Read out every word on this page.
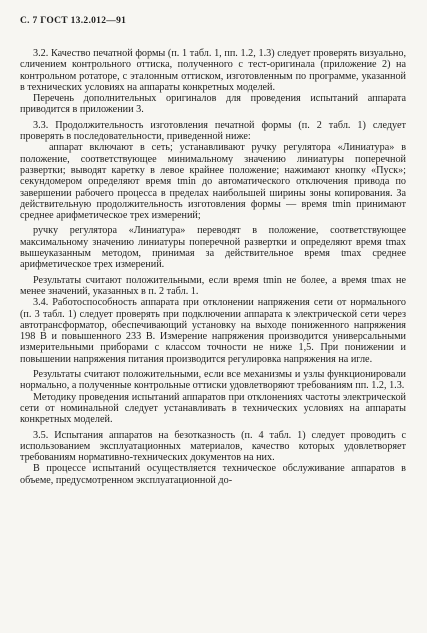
С. 7 ГОСТ 13.2.012—91

3.2. Качество печатной формы (п. 1 табл. 1, пп. 1.2, 1.3) следует проверять визуально, сличением контрольного оттиска, полученного с тест-оригинала (приложение 2) на контрольном ротаторе, с эталонным оттиском, изготовленным по программе, указанной в технических условиях на аппараты конкретных моделей.

Перечень дополнительных оригиналов для проведения испытаний аппарата приводится в приложении 3.

3.3. Продолжительность изготовления печатной формы (п. 2 табл. 1) следует проверять в последовательности, приведенной ниже:

аппарат включают в сеть; устанавливают ручку регулятора «Линиатура» в положение, соответствующее минимальному значению линиатуры поперечной развертки; выводят каретку в левое крайнее положение; нажимают кнопку «Пуск»; секундомером определяют время tmin до автоматического отключения привода по завершении рабочего процесса в пределах наибольшей ширины зоны копирования. За действительную продолжительность изготовления формы — время tmin принимают среднее арифметическое трех измерений;

ручку регулятора «Линиатура» переводят в положение, соответствующее максимальному значению линиатуры поперечной развертки и определяют время tmax вышеуказанным методом, принимая за действительное время tmax среднее арифметическое трех измерений.

Результаты считают положительными, если время tmin не более, а время tmax не менее значений, указанных в п. 2 табл. 1.

3.4. Работоспособность аппарата при отклонении напряжения сети от нормального (п. 3 табл. 1) следует проверять при подключении аппарата к электрической сети через автотрансформатор, обеспечивающий установку на выходе пониженного напряжения 198 В и повышенного 233 В. Измерение напряжения производится универсальными измерительными приборами с классом точности не ниже 1,5. При понижении и повышении напряжения питания производится регулировка напряжения на игле.

Результаты считают положительными, если все механизмы и узлы функционировали нормально, а полученные контрольные оттиски удовлетворяют требованиям пп. 1.2, 1.3.

Методику проведения испытаний аппаратов при отклонениях частоты электрической сети от номинальной следует устанавливать в технических условиях на аппараты конкретных моделей.

3.5. Испытания аппаратов на безотказность (п. 4 табл. 1) следует проводить с использованием эксплуатационных материалов, качество которых удовлетворяет требованиям нормативно-технических документов на них.

В процессе испытаний осуществляется техническое обслуживание аппаратов в объеме, предусмотренном эксплуатационной до-
